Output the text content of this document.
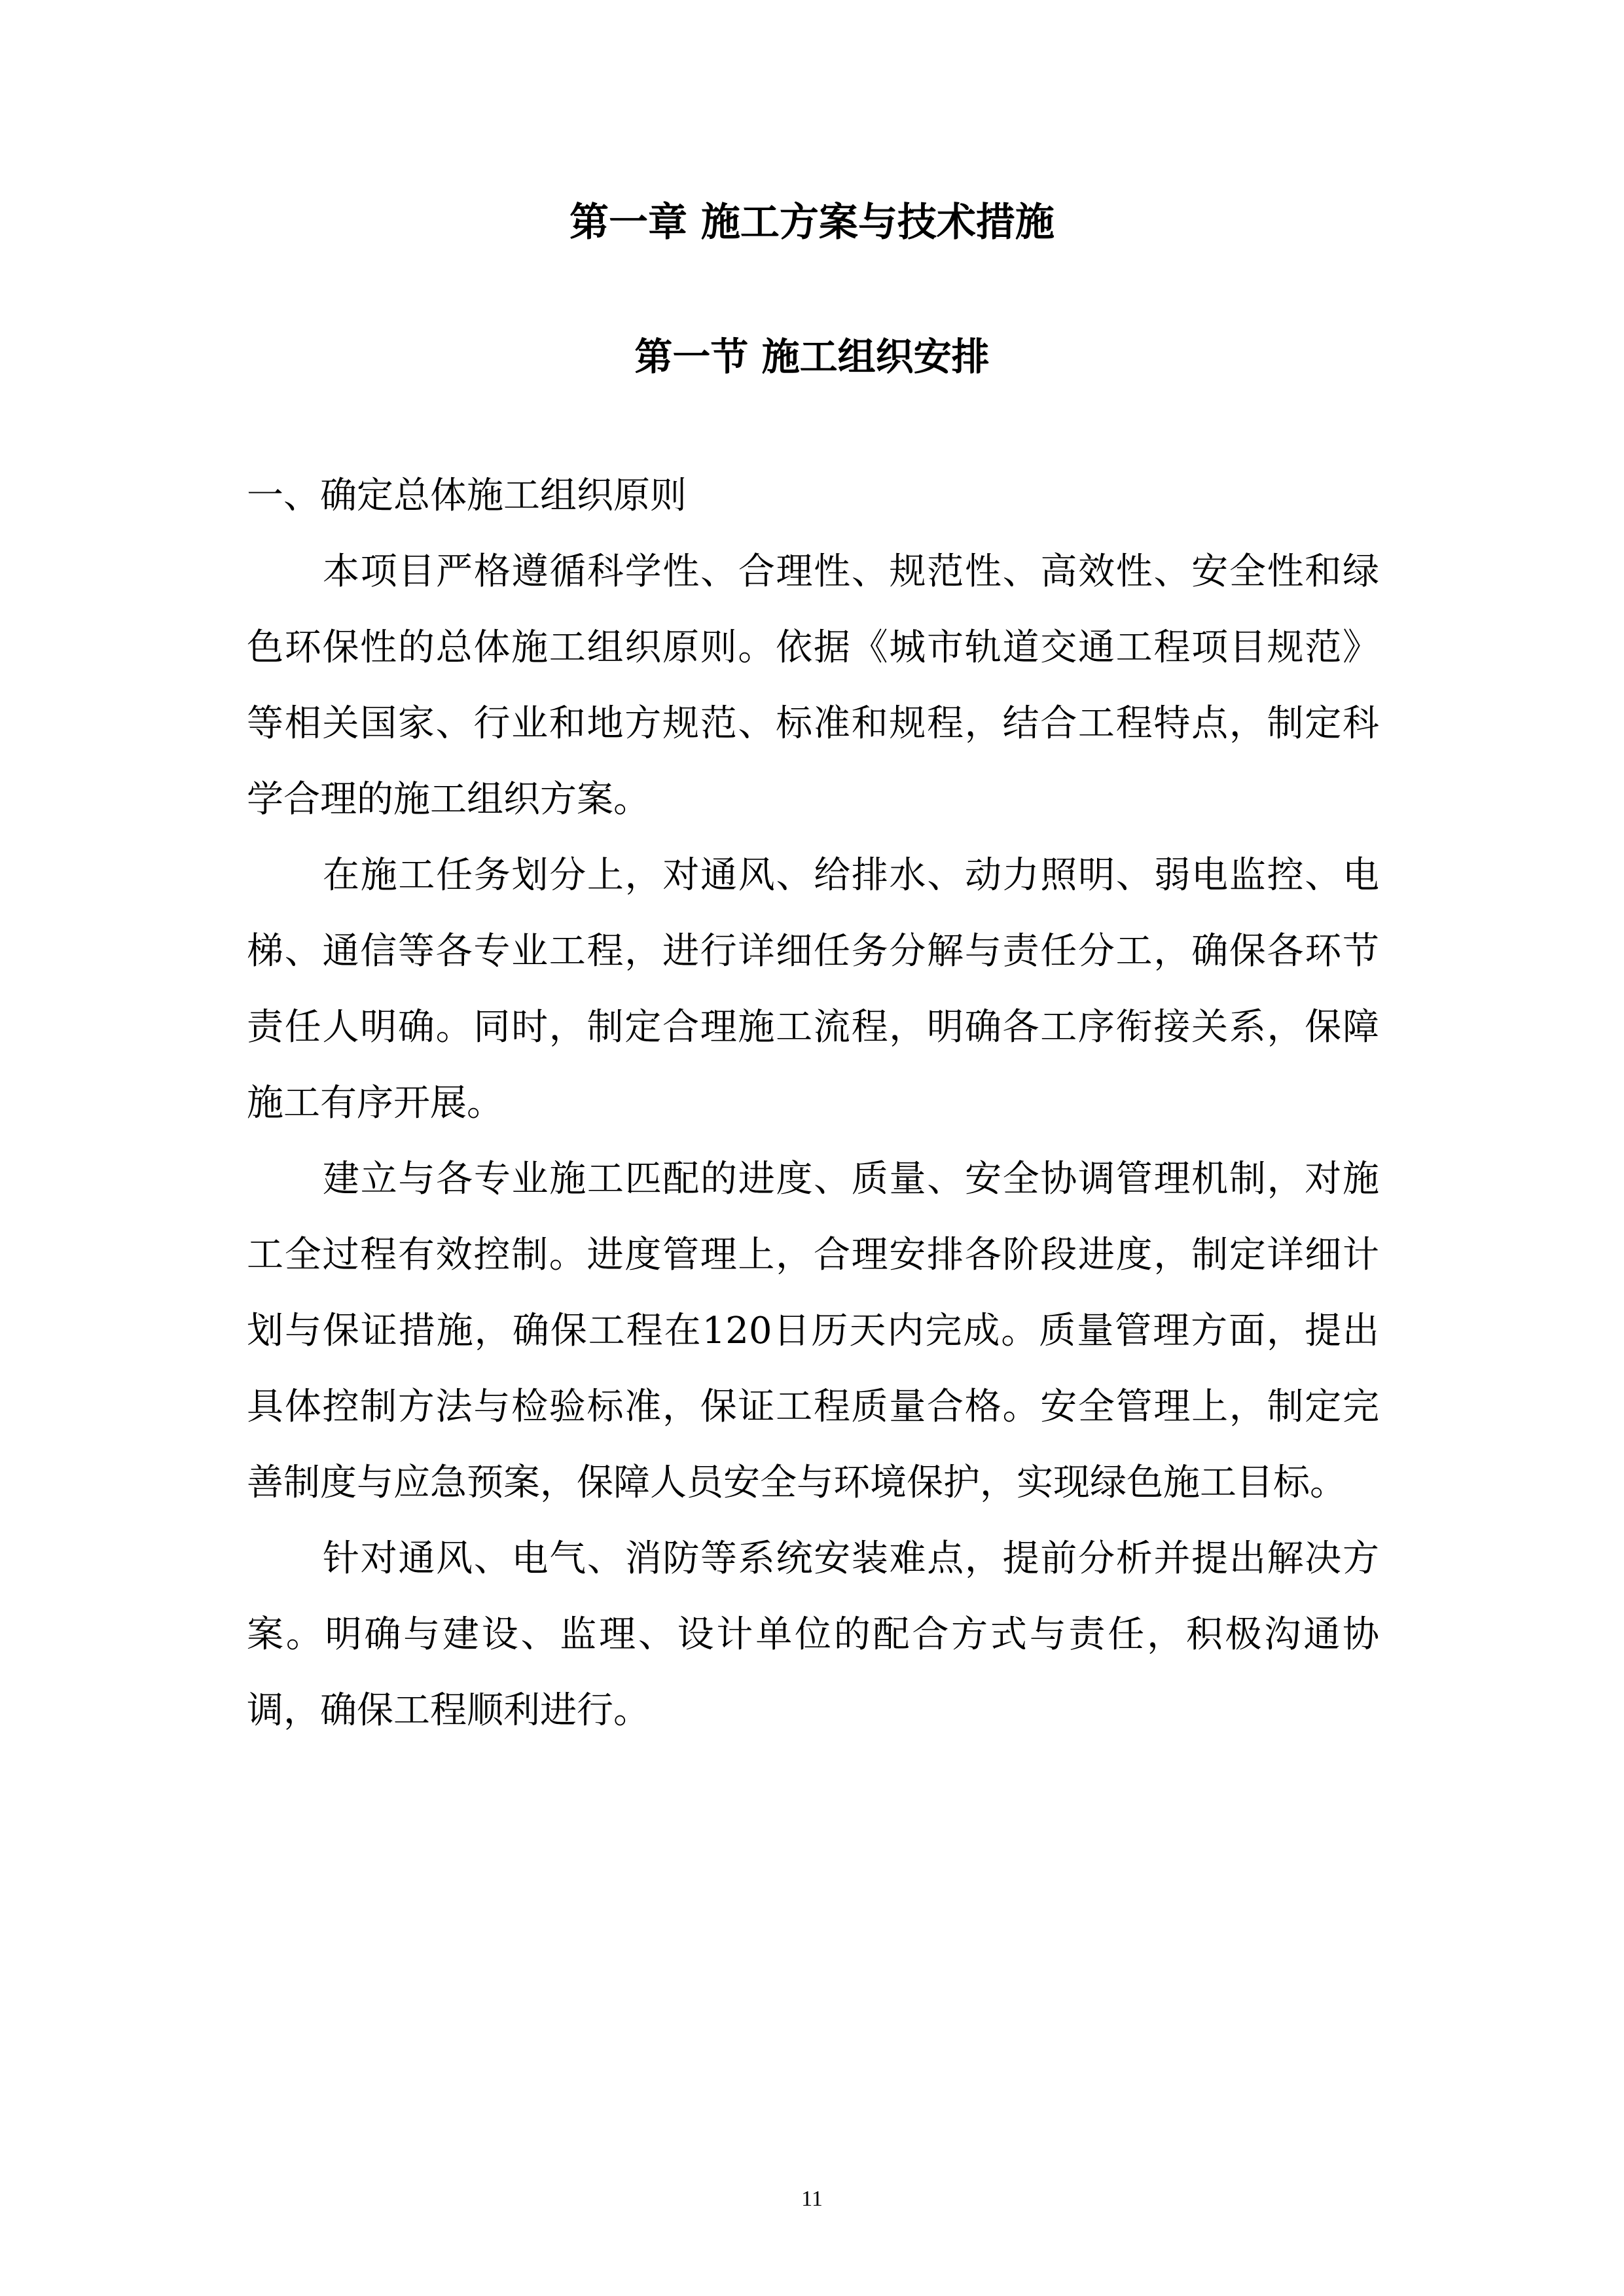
第一章 施工方案与技术措施
第一节 施工组织安排

一、确定总体施工组织原则

本项目严格遵循科学性、合理性、规范性、高效性、安全性和绿色环保性的总体施工组织原则。依据《城市轨道交通工程项目规范》等相关国家、行业和地方规范、标准和规程，结合工程特点，制定科学合理的施工组织方案。

在施工任务划分上，对通风、给排水、动力照明、弱电监控、电梯、通信等各专业工程，进行详细任务分解与责任分工，确保各环节责任人明确。同时，制定合理施工流程，明确各工序衔接关系，保障施工有序开展。

建立与各专业施工匹配的进度、质量、安全协调管理机制，对施工全过程有效控制。进度管理上，合理安排各阶段进度，制定详细计划与保证措施，确保工程在120日历天内完成。质量管理方面，提出具体控制方法与检验标准，保证工程质量合格。安全管理上，制定完善制度与应急预案，保障人员安全与环境保护，实现绿色施工目标。

针对通风、电气、消防等系统安装难点，提前分析并提出解决方案。明确与建设、监理、设计单位的配合方式与责任，积极沟通协调，确保工程顺利进行。

11
